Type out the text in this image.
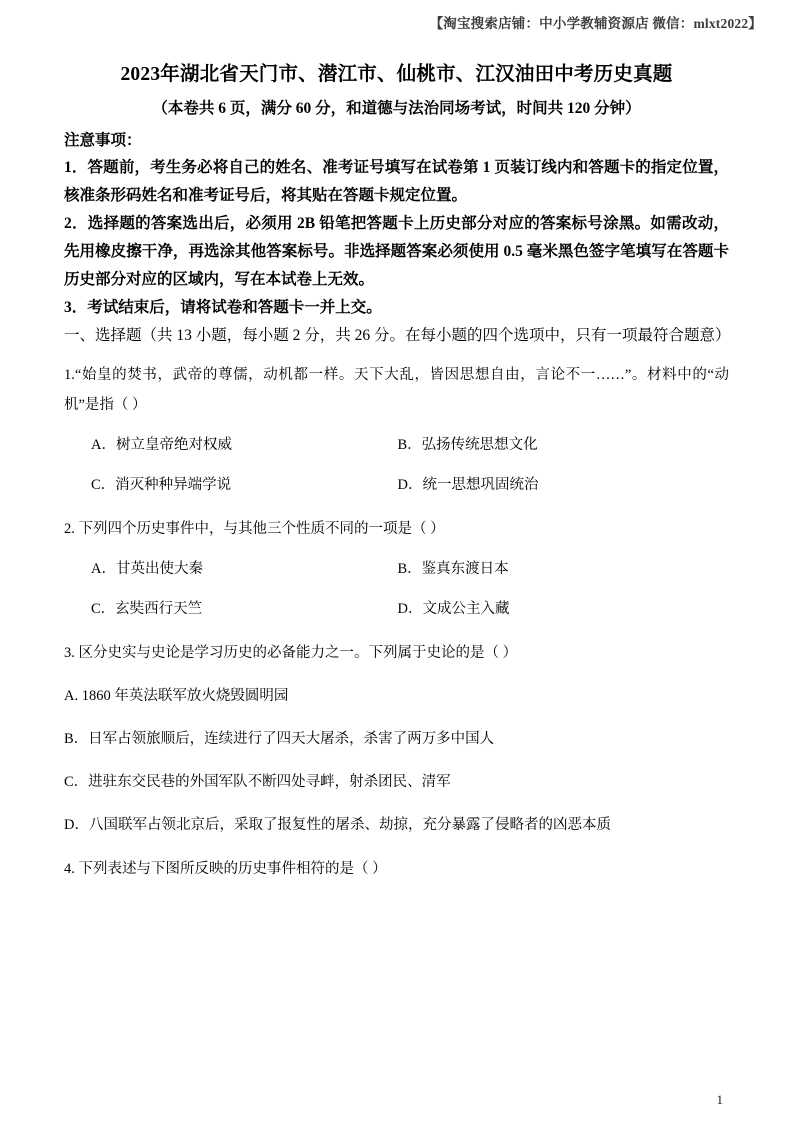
【淘宝搜索店铺：中小学教辅资源店 微信：mlxt2022】
2023年湖北省天门市、潜江市、仙桃市、江汉油田中考历史真题
（本卷共 6 页，满分 60 分，和道德与法治同场考试，时间共 120 分钟）
注意事项：

1．答题前，考生务必将自己的姓名、准考证号填写在试卷第 1 页装订线内和答题卡的指定位置，核准条形码姓名和准考证号后，将其贴在答题卡规定位置。

2．选择题的答案选出后，必须用 2B 铅笔把答题卡上历史部分对应的答案标号涂黑。如需改动，先用橡皮擦干净，再选涂其他答案标号。非选择题答案必须使用 0.5 毫米黑色签字笔填写在答题卡历史部分对应的区域内，写在本试卷上无效。

3．考试结束后，请将试卷和答题卡一并上交。

一、选择题（共 13 小题，每小题 2 分，共 26 分。在每小题的四个选项中，只有一项最符合题意）

1.“始皇的焚书，武帝的尊儒，动机都一样。天下大乱，皆因思想自由，言论不一……”。材料中的“动机”是指（ ）

A．树立皇帝绝对权威	B．弘扬传统思想文化
C．消灭种种异端学说	D．统一思想巩固统治

2. 下列四个历史事件中，与其他三个性质不同的一项是（ ）

A．甘英出使大秦	B．鉴真东渡日本
C．玄奘西行天竺	D．文成公主入藏

3. 区分史实与史论是学习历史的必备能力之一。下列属于史论的是（ ）

A. 1860 年英法联军放火烧毁圆明园
B．日军占领旅顺后，连续进行了四天大屠杀，杀害了两万多中国人
C．进驻东交民巷的外国军队不断四处寻衅，射杀团民、清军
D．八国联军占领北京后，采取了报复性的屠杀、劫掠，充分暴露了侵略者的凶恶本质

4. 下列表述与下图所反映的历史事件相符的是（ ）

1
